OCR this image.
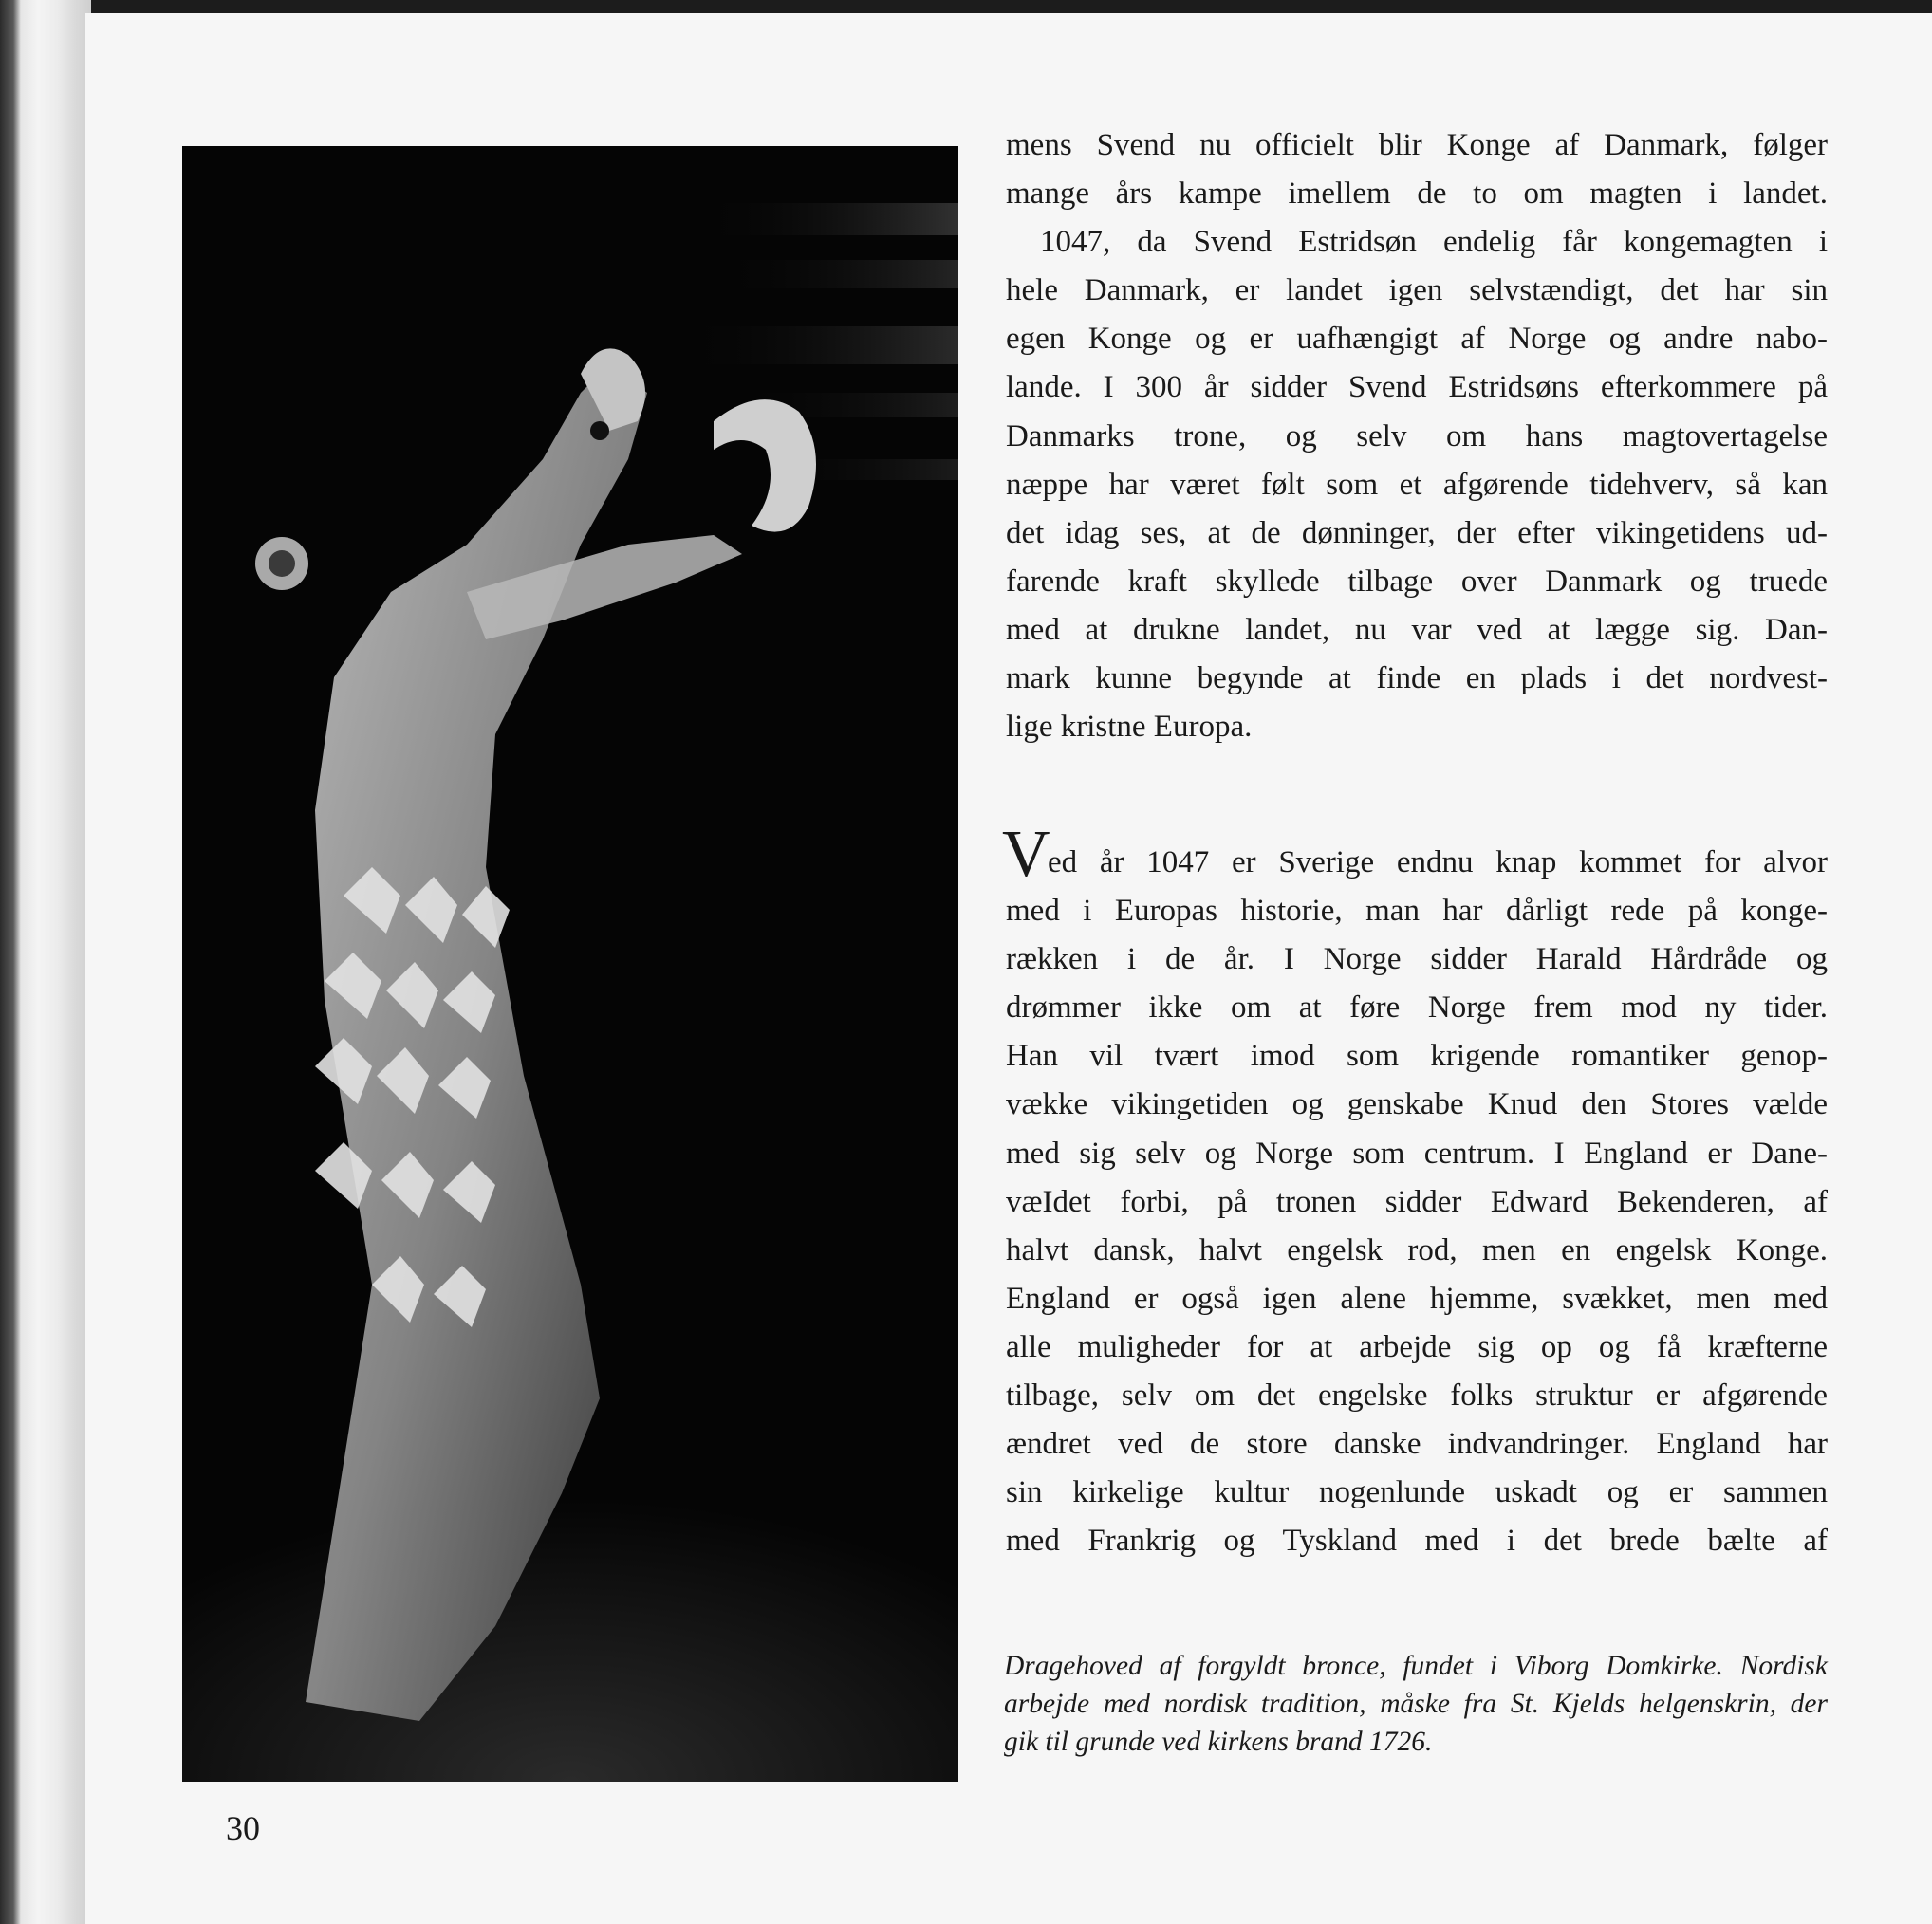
mens Svend nu officielt blir Konge af Danmark, følger
mange års kampe imellem de to om magten i landet.
1047, da Svend Estridsøn endelig får kongemagten i
hele Danmark, er landet igen selvstændigt, det har sin
egen Konge og er uafhængigt af Norge og andre nabo-
lande. I 300 år sidder Svend Estridsøns efterkommere på
Danmarks trone, og selv om hans magtovertagelse
næppe har været følt som et afgørende tidehverv, så kan
det idag ses, at de dønninger, der efter vikingetidens ud-
farende kraft skyllede tilbage over Danmark og truede
med at drukne landet, nu var ved at lægge sig. Dan-
mark kunne begynde at finde en plads i det nordvest-
lige kristne Europa.
V
ed år 1047 er Sverige endnu knap kommet for alvor
med i Europas historie, man har dårligt rede på konge-
rækken i de år. I Norge sidder Harald Hårdråde og
drømmer ikke om at føre Norge frem mod ny tider.
Han vil tvært imod som krigende romantiker genop-
vække vikingetiden og genskabe Knud den Stores vælde
med sig selv og Norge som centrum. I England er Dane-
væIdet forbi, på tronen sidder Edward Bekenderen, af
halvt dansk, halvt engelsk rod, men en engelsk Konge.
England er også igen alene hjemme, svækket, men med
alle muligheder for at arbejde sig op og få kræfterne
tilbage, selv om det engelske folks struktur er afgørende
ændret ved de store danske indvandringer. England har
sin kirkelige kultur nogenlunde uskadt og er sammen
med Frankrig og Tyskland med i det brede bælte af
Dragehoved af forgyldt bronce, fundet i Viborg Domkirke. Nordisk
arbejde med nordisk tradition, måske fra St. Kjelds helgenskrin, der
gik til grunde ved kirkens brand 1726.
30
